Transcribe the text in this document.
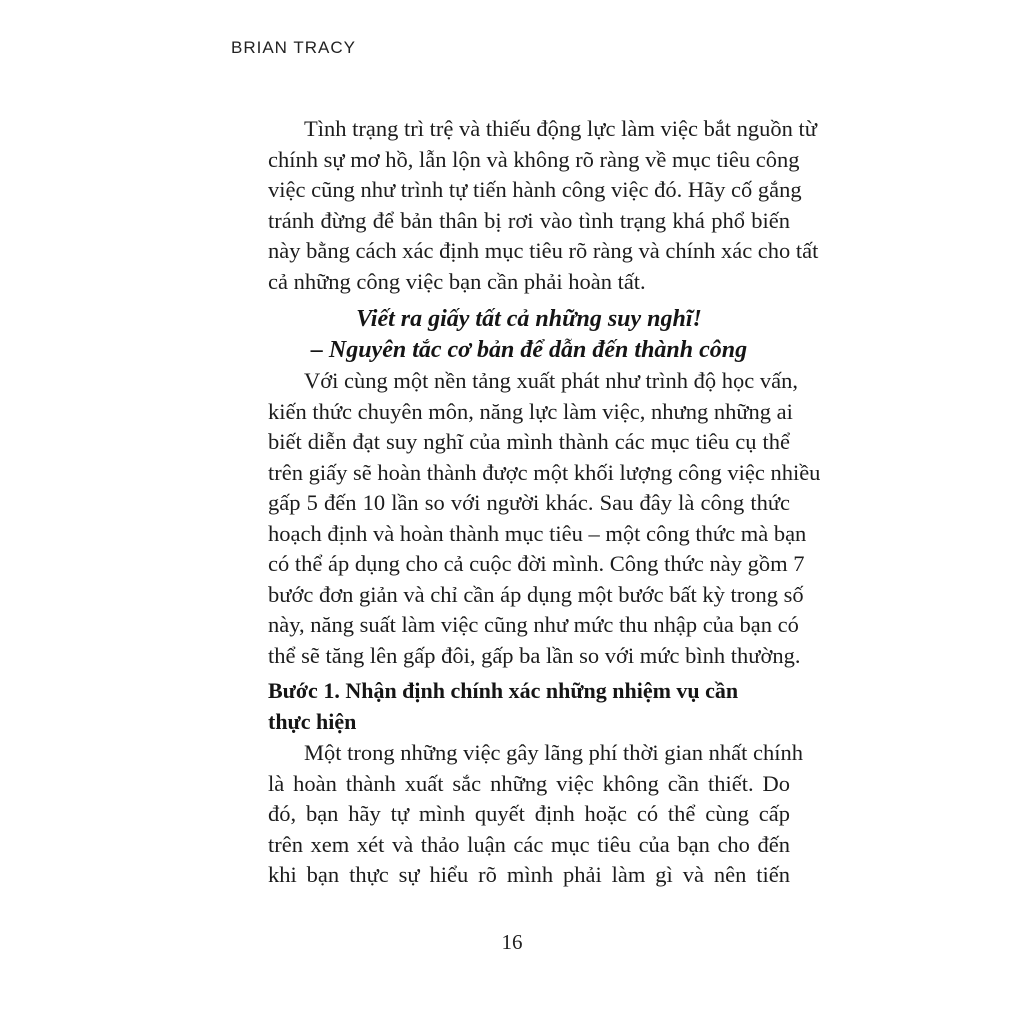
BRIAN TRACY
Tình trạng trì trệ và thiếu động lực làm việc bắt nguồn từ
chính sự mơ hồ, lẫn lộn và không rõ ràng về mục tiêu công
việc cũng như trình tự tiến hành công việc đó. Hãy cố gắng
tránh đừng để bản thân bị rơi vào tình trạng khá phổ biến
này bằng cách xác định mục tiêu rõ ràng và chính xác cho tất
cả những công việc bạn cần phải hoàn tất.
Viết ra giấy tất cả những suy nghĩ!
– Nguyên tắc cơ bản để dẫn đến thành công
Với cùng một nền tảng xuất phát như trình độ học vấn,
kiến thức chuyên môn, năng lực làm việc, nhưng những ai
biết diễn đạt suy nghĩ của mình thành các mục tiêu cụ thể
trên giấy sẽ hoàn thành được một khối lượng công việc nhiều
gấp 5 đến 10 lần so với người khác. Sau đây là công thức
hoạch định và hoàn thành mục tiêu – một công thức mà bạn
có thể áp dụng cho cả cuộc đời mình. Công thức này gồm 7
bước đơn giản và chỉ cần áp dụng một bước bất kỳ trong số
này, năng suất làm việc cũng như mức thu nhập của bạn có
thể sẽ tăng lên gấp đôi, gấp ba lần so với mức bình thường.
Bước 1. Nhận định chính xác những nhiệm vụ cần
thực hiện
Một trong những việc gây lãng phí thời gian nhất chính
là hoàn thành xuất sắc những việc không cần thiết. Do
đó, bạn hãy tự mình quyết định hoặc có thể cùng cấp
trên xem xét và thảo luận các mục tiêu của bạn cho đến
khi bạn thực sự hiểu rõ mình phải làm gì và nên tiến
16
